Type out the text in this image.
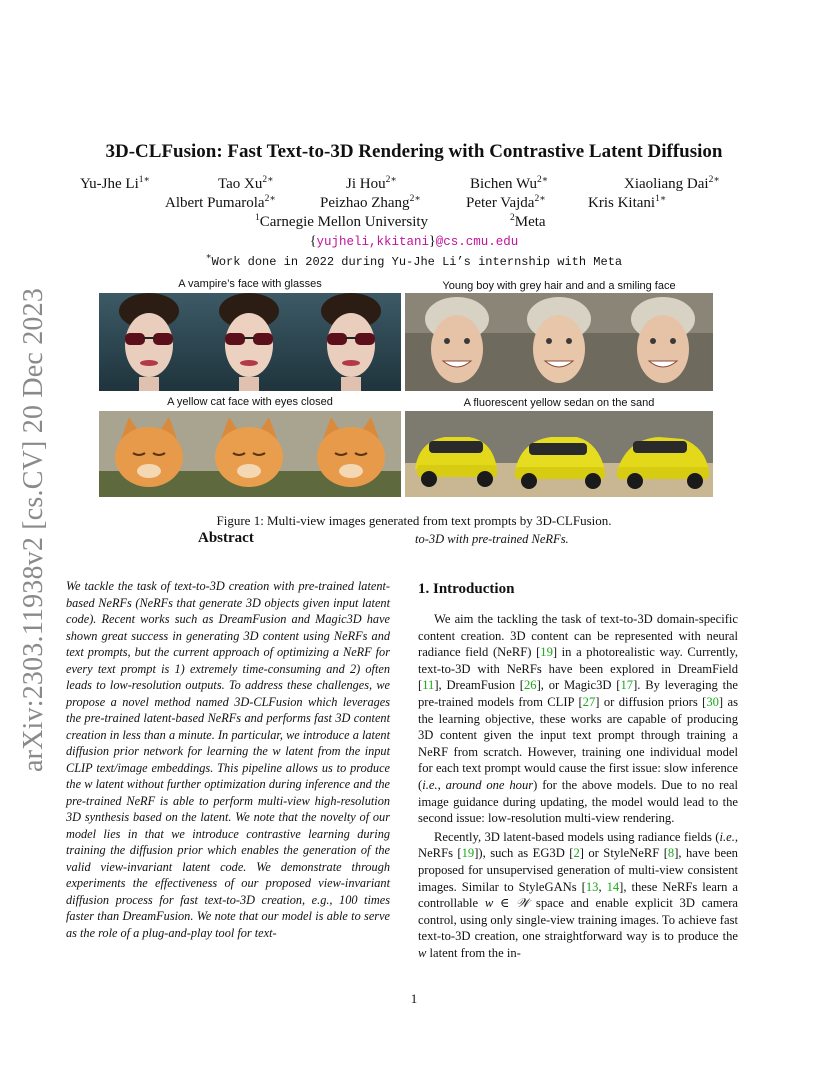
arXiv:2303.11938v2 [cs.CV] 20 Dec 2023
3D-CLFusion: Fast Text-to-3D Rendering with Contrastive Latent Diffusion
Yu-Jhe $Li^{1∗}$	Tao $Xu^{2∗}$	Ji Hou$^{2∗}$	Bichen $Wu^{2∗}$	Xiaoliang Dai$^{2∗}$
Albert Pumarola$^{2∗}$	Peizhao Zhang$^{2∗}$	Peter Vajda$^{2∗}$	Kris Kitani$^{1∗}$
$^1$Carnegie Mellon University	$^2$Meta
{yujheli,kkitani}@cs.cmu.edu
∗Work done in 2022 during Yu-Jhe Li’s internship with Meta
A vampire’s face with glasses	Young boy with grey hair and and a smiling face
A yellow cat face with eyes closed	A fluorescent yellow sedan on the sand
Figure 1: Multi-view images generated from text prompts by 3D-CLFusion.
Abstract	to-3D with pre-trained NeRFs.

We tackle the task of text-to-3D creation with pre-trained latent-based NeRFs (NeRFs that generate 3D objects given input latent code). Recent works such as DreamFusion and Magic3D have shown great success in generating 3D content using NeRFs and text prompts, but the current approach of optimizing a NeRF for every text prompt is 1) extremely time-consuming and 2) often leads to low-resolution outputs. To address these challenges, we propose a novel method named 3D-CLFusion which leverages the pre-trained latent-based NeRFs and performs fast 3D content creation in less than a minute. In particular, we introduce a latent diffusion prior network for learning the w latent from the input CLIP text/image embeddings. This pipeline allows us to produce the w latent without further optimization during inference and the pre-trained NeRF is able to perform multi-view high-resolution 3D synthesis based on the latent. We note that the novelty of our model lies in that we introduce contrastive learning during training the diffusion prior which enables the generation of the valid view-invariant latent code. We demonstrate through experiments the effectiveness of our proposed view-invariant diffusion process for fast text-to-3D creation, e.g., 100 times faster than DreamFusion. We note that our model is able to serve as the role of a plug-and-play tool for text-

1. Introduction

We aim the tackling the task of text-to-3D domain-specific content creation. 3D content can be represented with neural radiance field (NeRF) [19] in a photorealistic way. Currently, text-to-3D with NeRFs have been explored in DreamField [11], DreamFusion [26], or Magic3D [17]. By leveraging the pre-trained models from CLIP [27] or diffusion priors [30] as the learning objective, these works are capable of producing 3D content given the input text prompt through training a NeRF from scratch. However, training one individual model for each text prompt would cause the first issue: slow inference (i.e., around one hour) for the above models. Due to no real image guidance during updating, the model would lead to the second issue: low-resolution multi-view rendering.

Recently, 3D latent-based models using radiance fields (i.e., NeRFs [19]), such as EG3D [2] or StyleNeRF [8], have been proposed for unsupervised generation of multi-view consistent images. Similar to StyleGANs [13, 14], these NeRFs learn a controllable w ∈ 𝒲 space and enable explicit 3D camera control, using only single-view training images. To achieve fast text-to-3D creation, one straightforward way is to produce the w latent from the in-

1
